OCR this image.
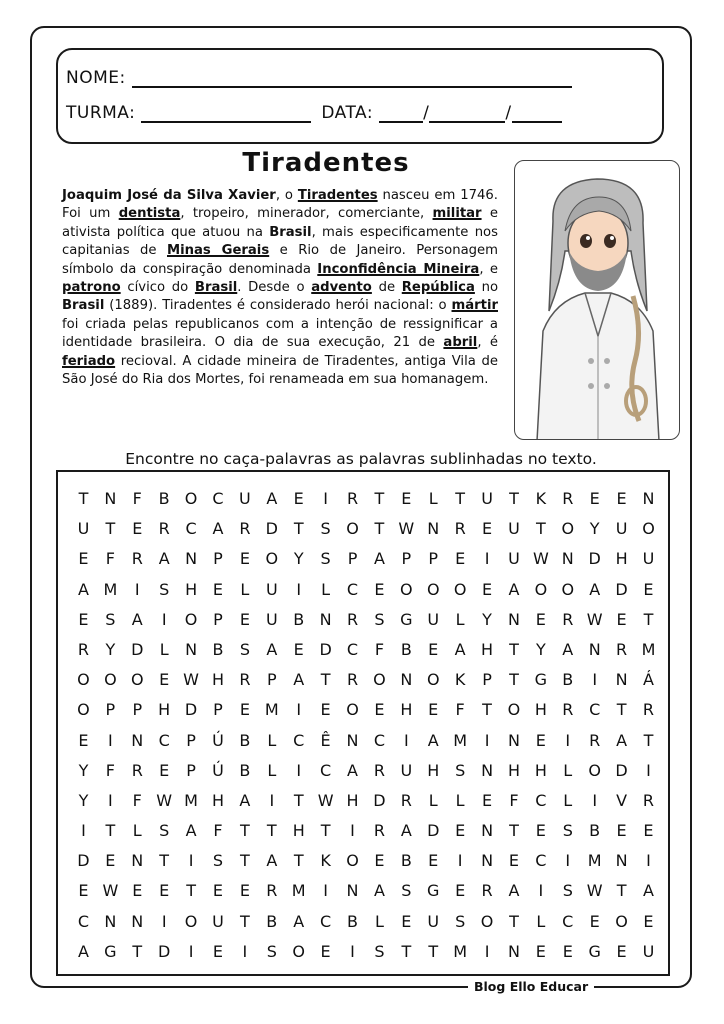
NOME:
TURMA:	DATA:	/	/
Tiradentes
Joaquim José da Silva Xavier, o Tiradentes nasceu em 1746. Foi um dentista, tropeiro, minerador, comerciante, militar e ativista política que atuou na Brasil, mais especificamente nos capitanias de Minas Gerais e Rio de Janeiro. Personagem símbolo da conspiração denominada Inconfidência Mineira, e patrono cívico do Brasil. Desde o advento de República no Brasil (1889). Tiradentes é considerado herói nacional: o mártir foi criada pelas republicanos com a intenção de ressignificar a identidade brasileira. O dia de sua execução, 21 de abril, é feriado recioval. A cidade mineira de Tiradentes, antiga Vila de São José do Ria dos Mortes, foi renameada em sua homanagem.
Encontre no caça-palavras as palavras sublinhadas no texto.
T	N	F	B O C U A	E	I	R	T	E	L	T	U	T	K	R	E	E N
U	T	E	R C A R D T	S O T W N R	E	U	T O Y	U O
E	F	R A N	P	E O Y	S	P	A	P	P	E	I	U W N D H U
A M	I	S H E	L	U	I	L	C	E O O O E	A O O A D E
E	S	A	I	O P	E	U B N R	S G U	L	Y	N E	R W E	T
R	Y D	L	N B	S	A	E D C	F	B	E	A H	T	Y	A N R M
O O O E W H R	P	A	T	R O N O K	P	T G B	I	N Á
O P	P	H D P	E M	I	E O E H E	F	T O H R C	T	R
E	I	N C	P	Ú B	L	C	Ê N C	I	A M	I	N E	I	R A	T
Y	F	R	E	P	Ú B	L	I	C A R U H S N H H	L	O D	I
Y	I	F W M H A	I	T W H D R	L	L	E	F	C	L	I	V R
I	T	L	S	A	F	T	T	H	T	I	R A D E N	T	E	S	B	E	E
D E N	T	I	S	T	A	T	K O E	B	E	I	N E	C	I	M N	I
E W E	E	T	E	E	R M	I	N A	S G E	R A	I	S W T	A
C N N	I	O U	T	B A C B	L	E	U S O T	L	C	E O E
A G T D	I	E	I	S O E	I	S	T	T M	I	N E	E G E	U
Blog Ello Educar
